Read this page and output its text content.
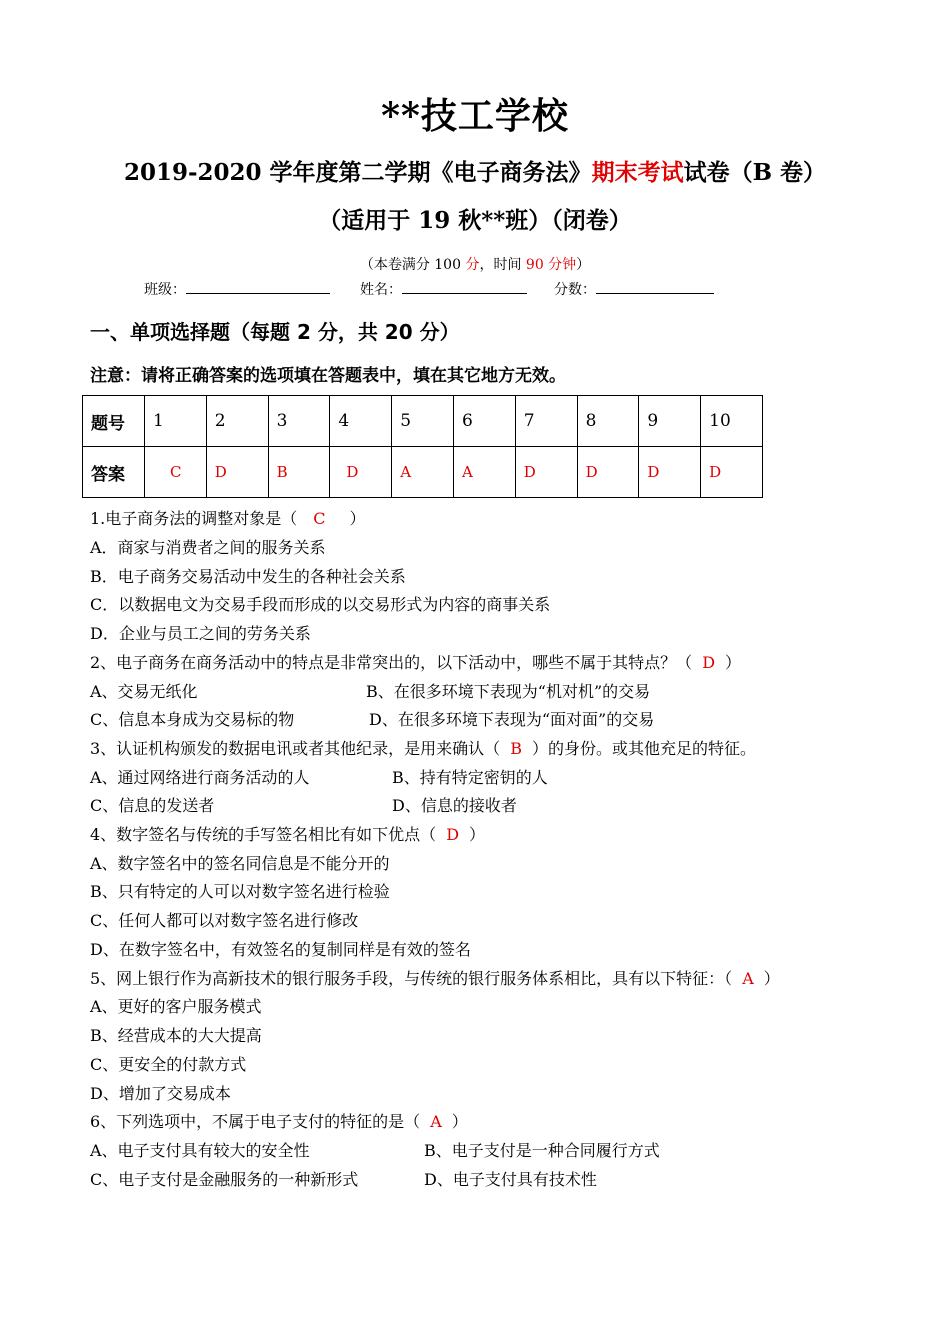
**技工学校
2019-2020 学年度第二学期《电子商务法》期末考试试卷（B 卷）
（适用于 19 秋**班）（闭卷）
（本卷满分 100 分，时间 90 分钟）
班级：	姓名：	分数：
一、单项选择题（每题 2 分，共 20 分）
注意：请将正确答案的选项填在答题表中，填在其它地方无效。
题号	1	2	3	4	5	6	7	8	9	10
答案	C	D	B	D	A	A	D	D	D	D
1.电子商务法的调整对象是（ C ）
A．商家与消费者之间的服务关系
B．电子商务交易活动中发生的各种社会关系
C．以数据电文为交易手段而形成的以交易形式为内容的商事关系
D．企业与员工之间的劳务关系
2、电子商务在商务活动中的特点是非常突出的，以下活动中，哪些不属于其特点？（ D ）
A、交易无纸化	B、在很多环境下表现为“机对机”的交易
C、信息本身成为交易标的物	D、在很多环境下表现为“面对面”的交易
3、认证机构颁发的数据电讯或者其他纪录，是用来确认（ B ）的身份。或其他充足的特征。
A、通过网络进行商务活动的人	B、持有特定密钥的人
C、信息的发送者	D、信息的接收者
4、数字签名与传统的手写签名相比有如下优点（ D ）
A、数字签名中的签名同信息是不能分开的
B、只有特定的人可以对数字签名进行检验
C、任何人都可以对数字签名进行修改
D、在数字签名中，有效签名的复制同样是有效的签名
5、网上银行作为高新技术的银行服务手段，与传统的银行服务体系相比，具有以下特征：（ A ）
A、更好的客户服务模式
B、经营成本的大大提高
C、更安全的付款方式
D、增加了交易成本
6、下列选项中，不属于电子支付的特征的是（ A ）
A、电子支付具有较大的安全性	B、电子支付是一种合同履行方式
C、电子支付是金融服务的一种新形式	D、电子支付具有技术性
